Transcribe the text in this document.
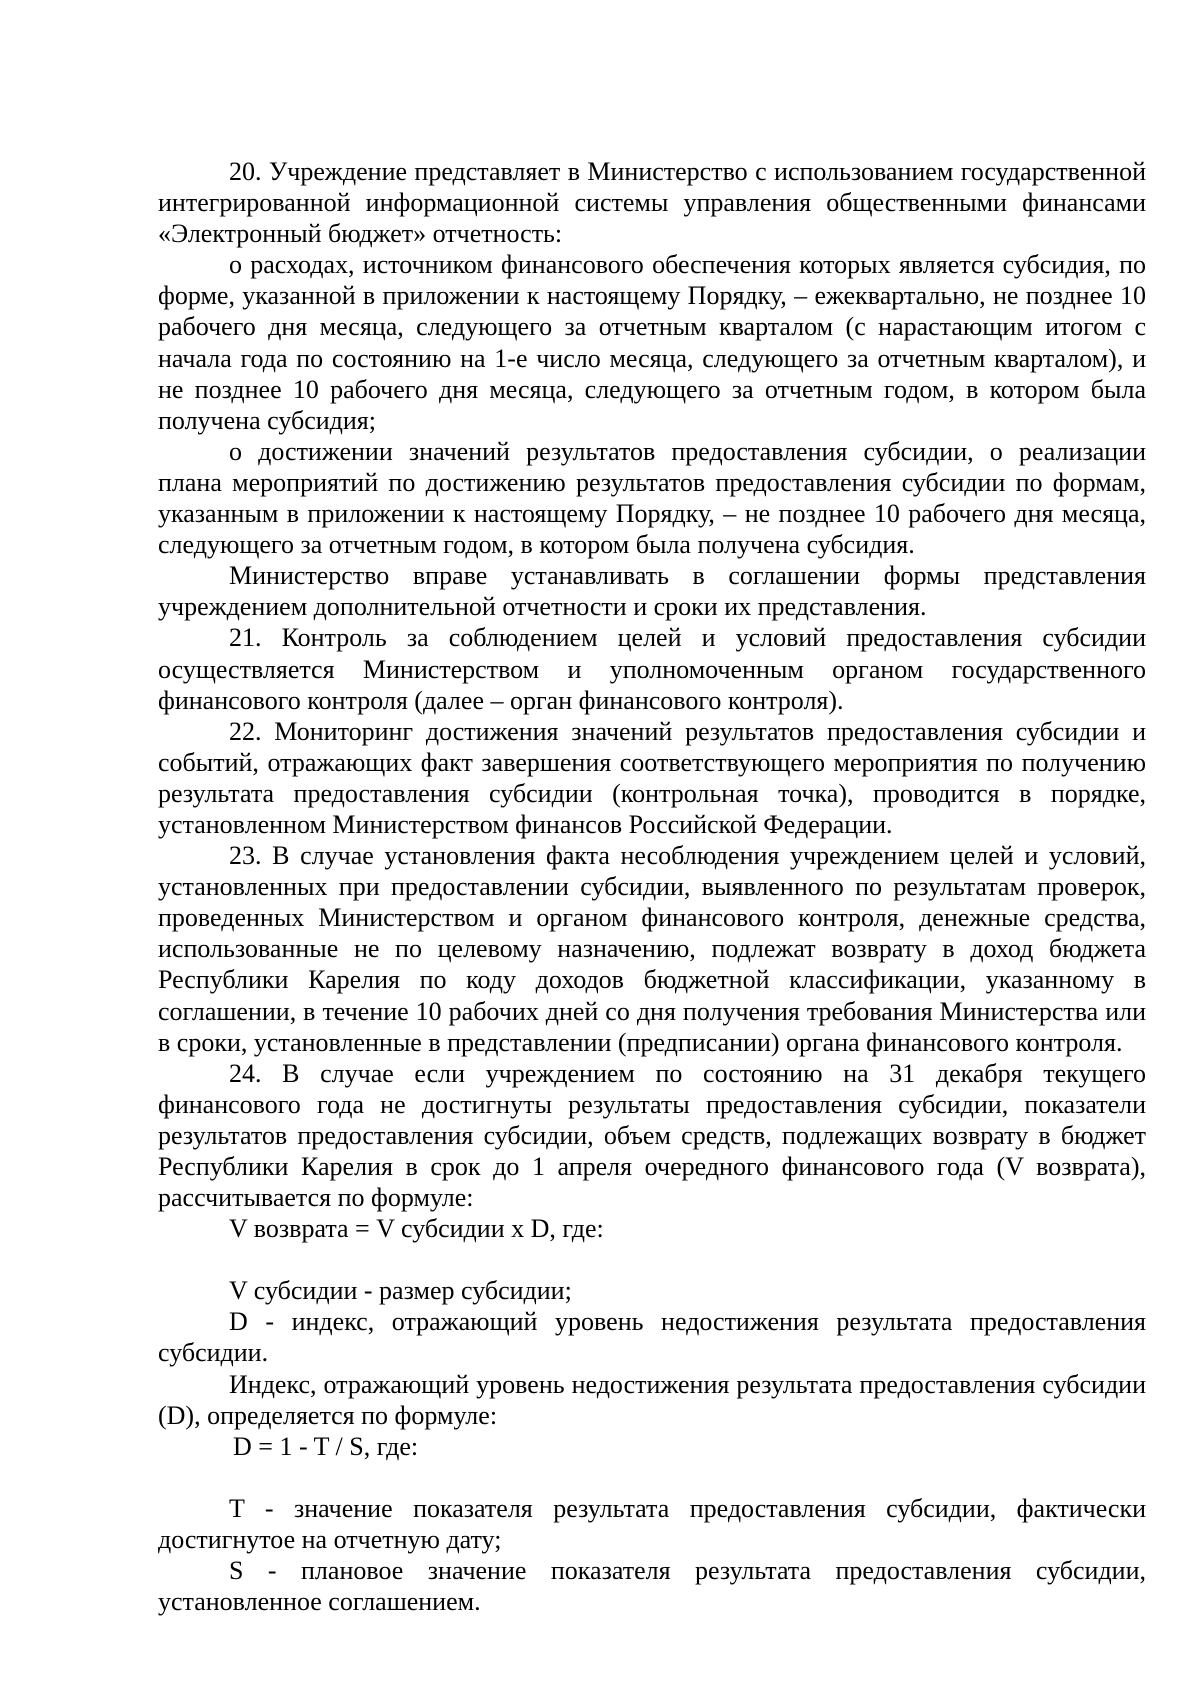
20. Учреждение представляет в Министерство с использованием государственной интегрированной информационной системы управления общественными финансами «Электронный бюджет» отчетность:

о расходах, источником финансового обеспечения которых является субсидия, по форме, указанной в приложении к настоящему Порядку, – ежеквартально, не позднее 10 рабочего дня месяца, следующего за отчетным кварталом (с нарастающим итогом с начала года по состоянию на 1-е число месяца, следующего за отчетным кварталом), и не позднее 10 рабочего дня месяца, следующего за отчетным годом, в котором была получена субсидия;

о достижении значений результатов предоставления субсидии, о реализации плана мероприятий по достижению результатов предоставления субсидии по формам, указанным в приложении к настоящему Порядку, – не позднее 10 рабочего дня месяца, следующего за отчетным годом, в котором была получена субсидия.

Министерство вправе устанавливать в соглашении формы представления учреждением дополнительной отчетности и сроки их представления.

21. Контроль за соблюдением целей и условий предоставления субсидии осуществляется Министерством и уполномоченным органом государственного финансового контроля (далее – орган финансового контроля).

22. Мониторинг достижения значений результатов предоставления субсидии и событий, отражающих факт завершения соответствующего мероприятия по получению результата предоставления субсидии (контрольная точка), проводится в порядке, установленном Министерством финансов Российской Федерации.

23. В случае установления факта несоблюдения учреждением целей и условий, установленных при предоставлении субсидии, выявленного по результатам проверок, проведенных Министерством и органом финансового контроля, денежные средства, использованные не по целевому назначению, подлежат возврату в доход бюджета Республики Карелия по коду доходов бюджетной классификации, указанному в соглашении, в течение 10 рабочих дней со дня получения требования Министерства или в сроки, установленные в представлении (предписании) органа финансового контроля.

24. В случае если учреждением по состоянию на 31 декабря текущего финансового года не достигнуты результаты предоставления субсидии, показатели результатов предоставления субсидии, объем средств, подлежащих возврату в бюджет Республики Карелия в срок до 1 апреля очередного финансового года (V возврата), рассчитывается по формуле:

V возврата = V субсидии x D, где:

V субсидии - размер субсидии;

D - индекс, отражающий уровень недостижения результата предоставления субсидии.

Индекс, отражающий уровень недостижения результата предоставления субсидии (D), определяется по формуле:

D = 1 - T / S, где:

T - значение показателя результата предоставления субсидии, фактически достигнутое на отчетную дату;

S - плановое значение показателя результата предоставления субсидии, установленное соглашением.
